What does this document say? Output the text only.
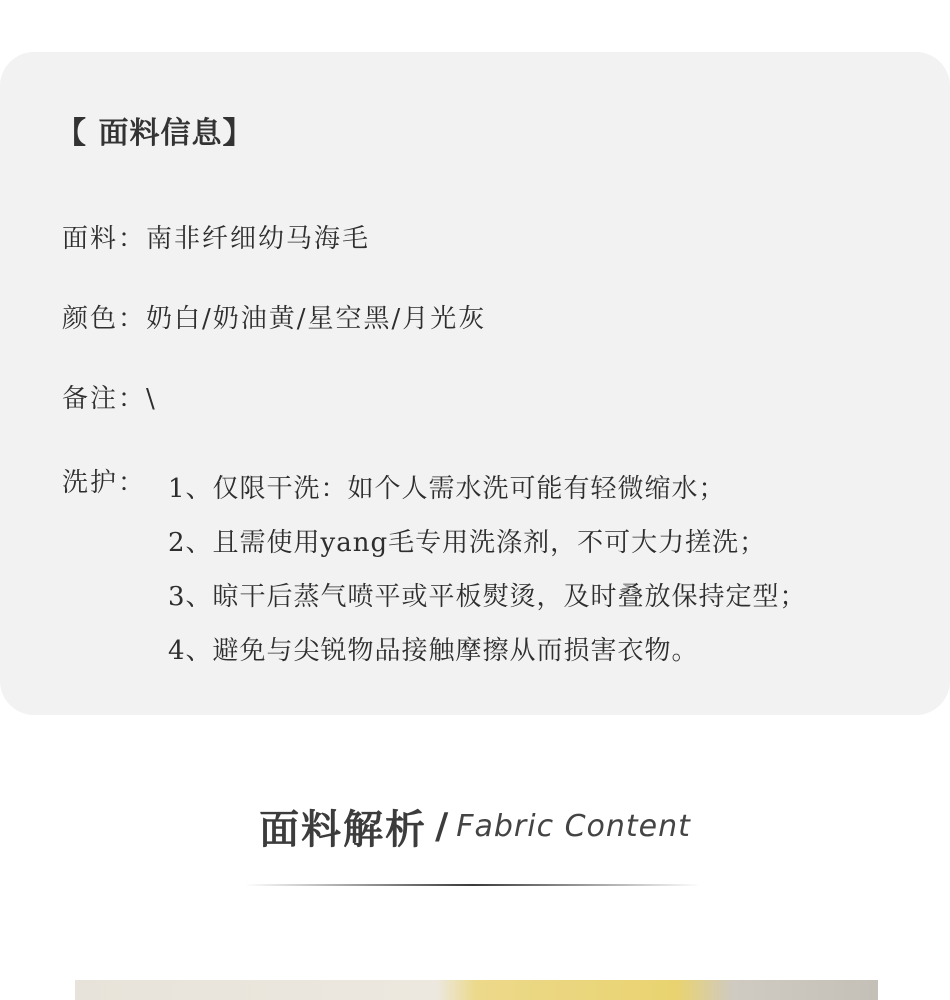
【 面料信息】
面料：南非纤细幼马海毛
颜色：奶白/奶油黄/星空黑/月光灰
备注：\
洗护： 1、仅限干洗：如个人需水洗可能有轻微缩水；
2、且需使用yang毛专用洗涤剂，不可大力搓洗；
3、晾干后蒸气喷平或平板熨烫，及时叠放保持定型；
4、避免与尖锐物品接触摩擦从而损害衣物。
面料解析 / Fabric Content
